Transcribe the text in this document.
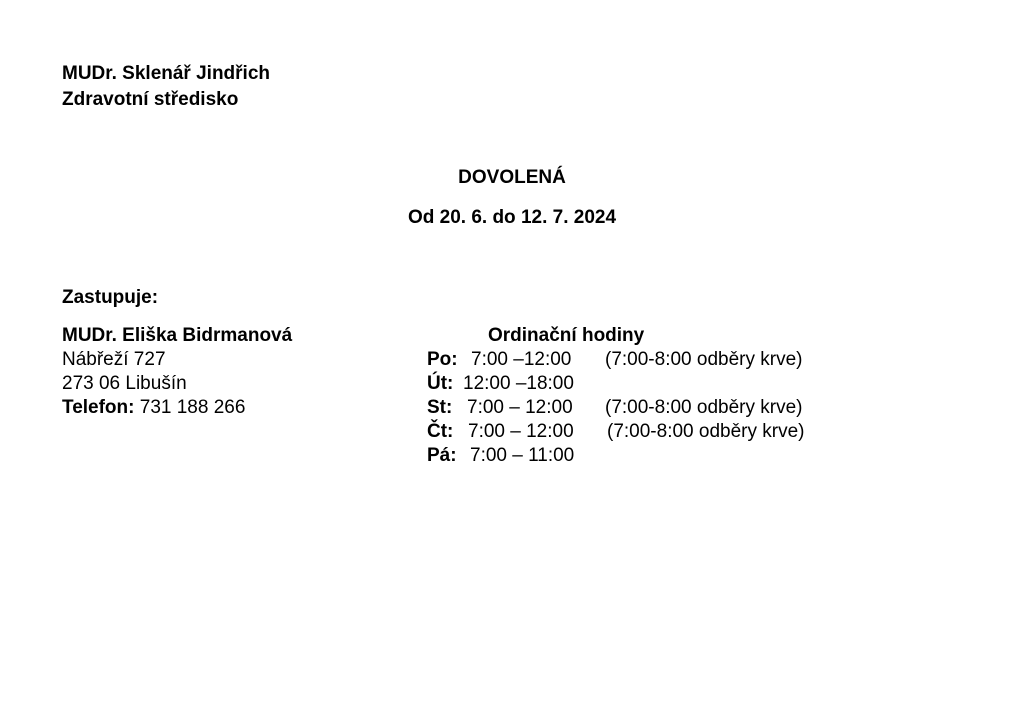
MUDr. Sklenář Jindřich
Zdravotní středisko
DOVOLENÁ
Od 20. 6. do 12. 7. 2024
Zastupuje:
MUDr. Eliška Bidrmanová
Nábřeží 727
273 06 Libušín
Telefon: 731 188 266
Ordinační hodiny
Po: 7:00 –12:00 (7:00-8:00 odběry krve)
Út: 12:00 –18:00
St: 7:00 – 12:00 (7:00-8:00 odběry krve)
Čt: 7:00 – 12:00 (7:00-8:00 odběry krve)
Pá: 7:00 – 11:00
